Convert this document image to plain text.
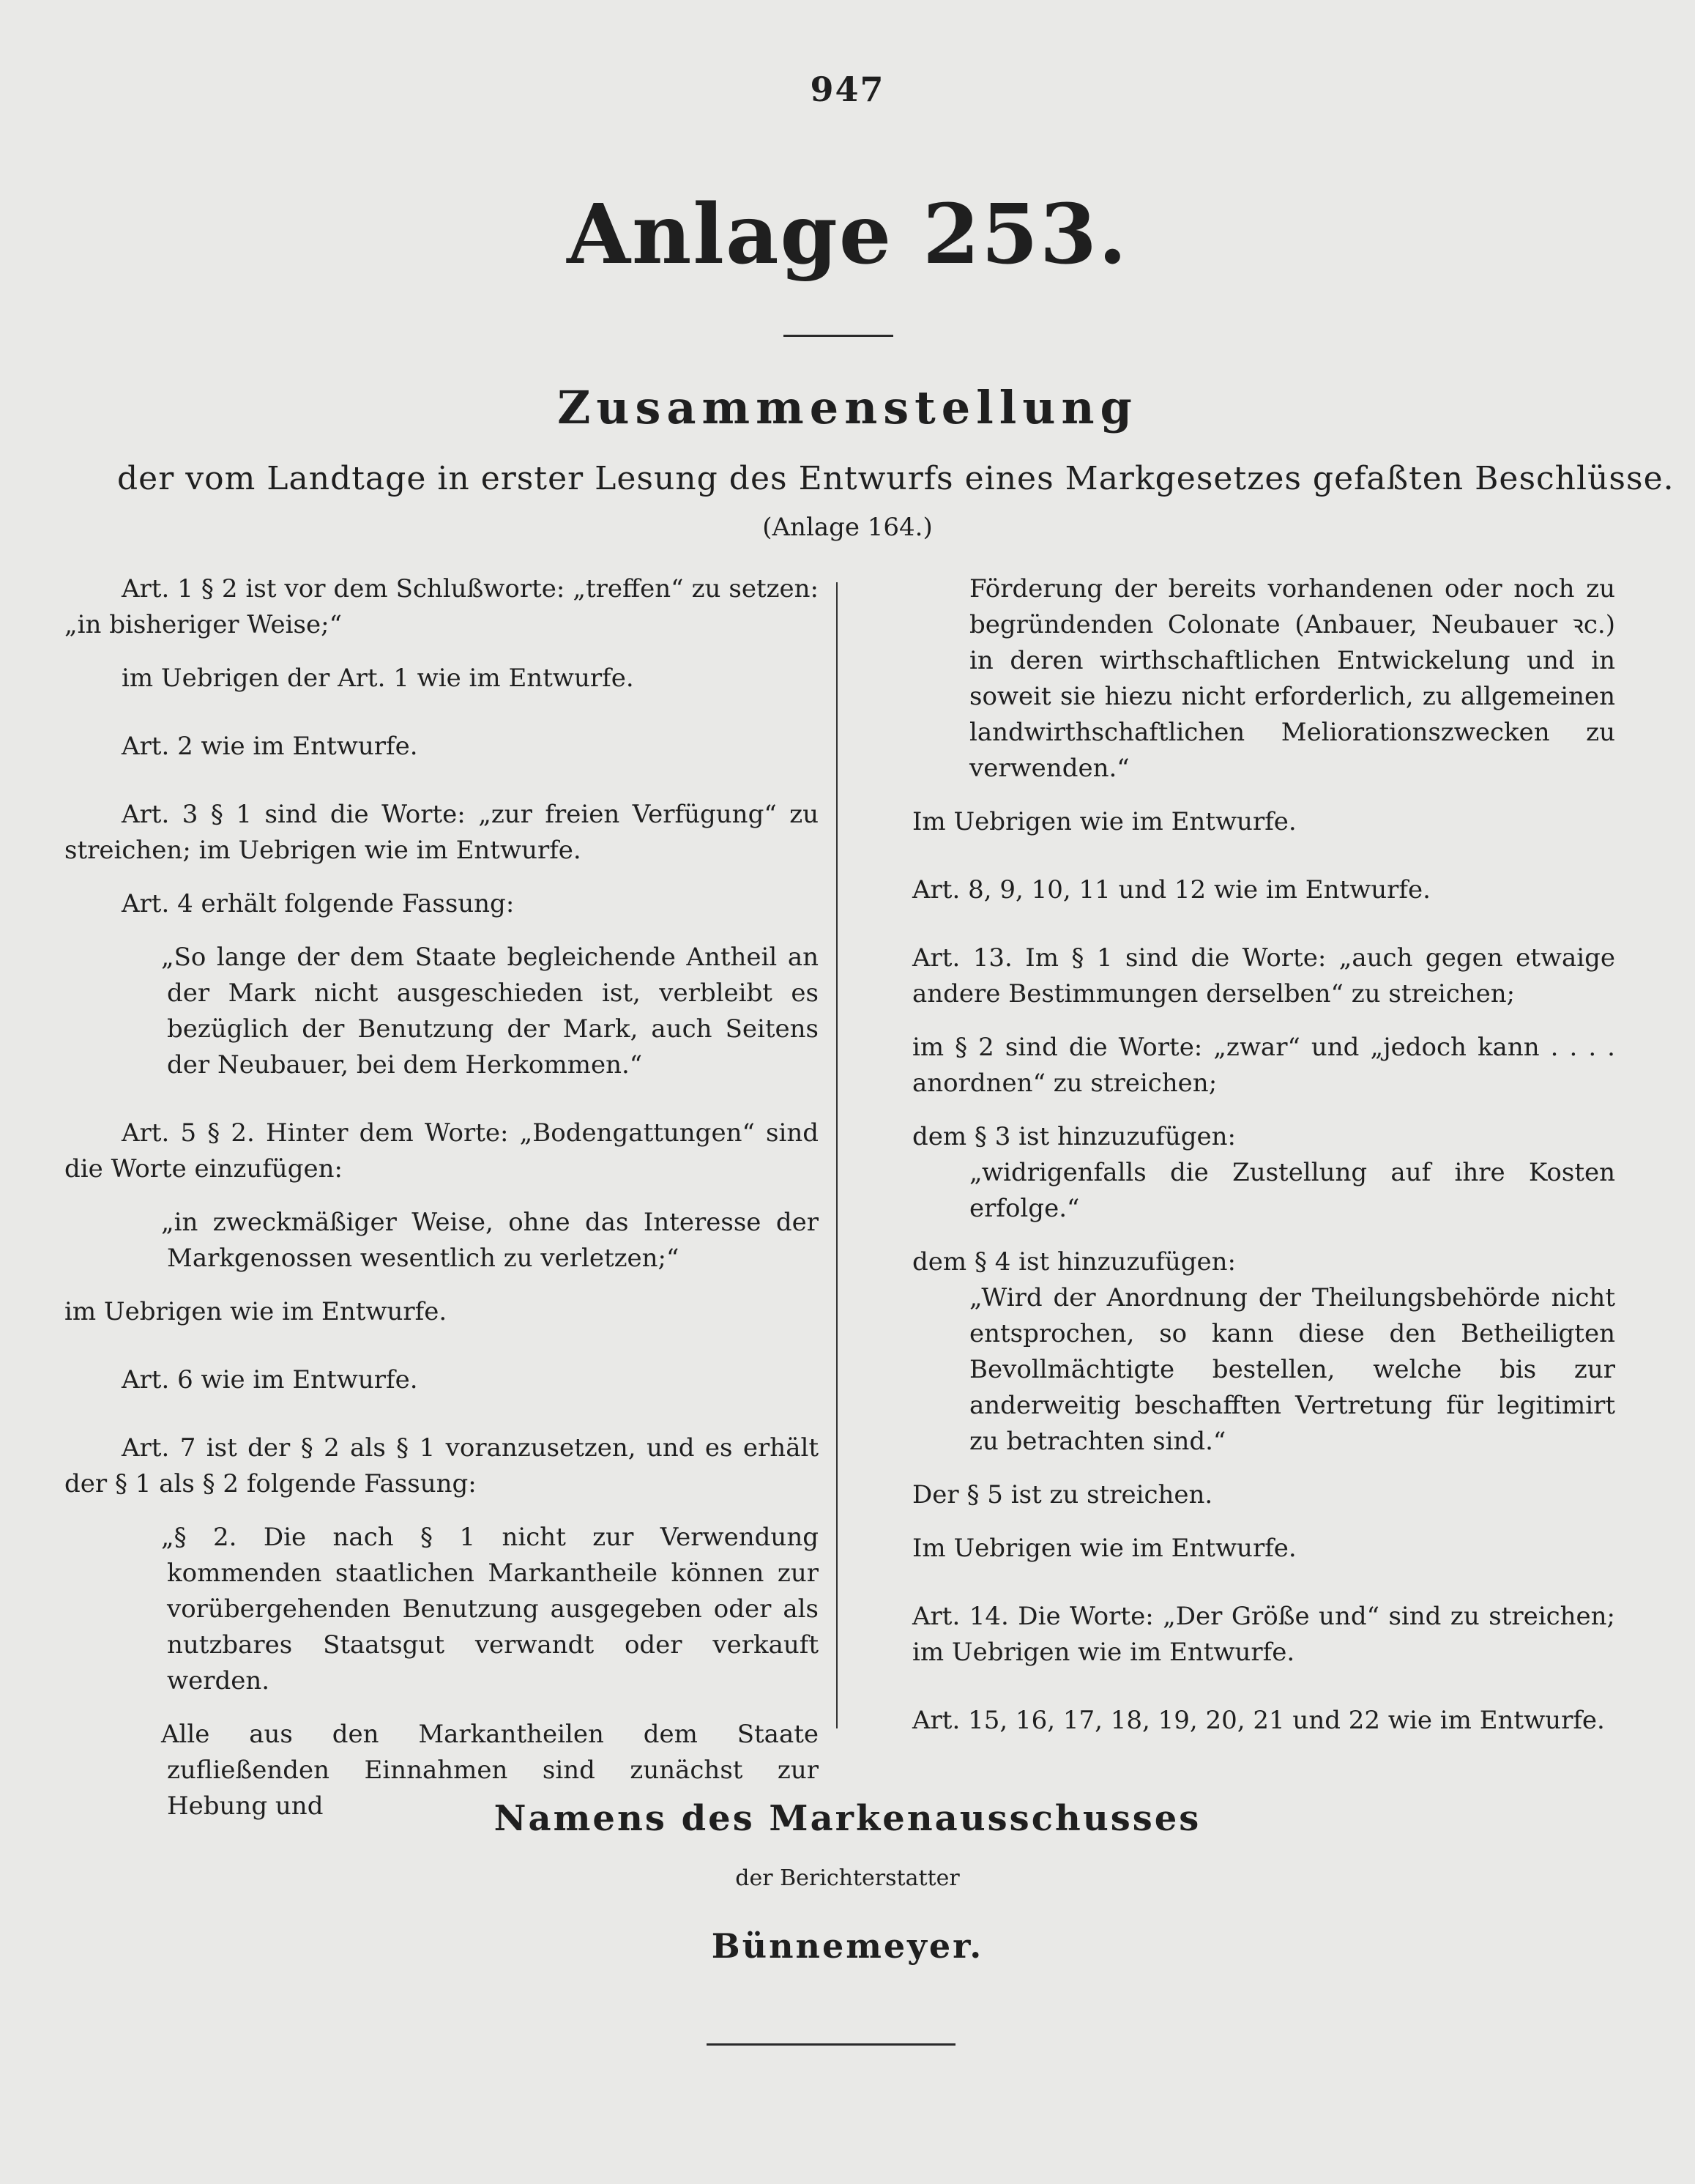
947
Anlage 253.
Zusammenstellung
der vom Landtage in erster Lesung des Entwurfs eines Markgesetzes gefaßten Beschlüsse.
(Anlage 164.)

Art. 1 § 2 ist vor dem Schlußworte: „treffen“ zu setzen: „in bisheriger Weise;“

im Uebrigen der Art. 1 wie im Entwurfe.

Art. 2 wie im Entwurfe.

Art. 3 § 1 sind die Worte: „zur freien Verfügung“ zu streichen; im Uebrigen wie im Entwurfe.

Art. 4 erhält folgende Fassung:

„So lange der dem Staate begleichende Antheil an der Mark nicht ausgeschieden ist, verbleibt es bezüglich der Benutzung der Mark, auch Seitens der Neubauer, bei dem Herkommen.“

Art. 5 § 2. Hinter dem Worte: „Bodengattungen“ sind die Worte einzufügen:

„in zweckmäßiger Weise, ohne das Interesse der Markgenossen wesentlich zu verletzen;“

im Uebrigen wie im Entwurfe.

Art. 6 wie im Entwurfe.

Art. 7 ist der § 2 als § 1 voranzusetzen, und es erhält der § 1 als § 2 folgende Fassung:

„§ 2. Die nach § 1 nicht zur Verwendung kommenden staatlichen Markantheile können zur vorübergehenden Benutzung ausgegeben oder als nutzbares Staatsgut verwandt oder verkauft werden.

Alle aus den Markantheilen dem Staate zufließenden Einnahmen sind zunächst zur Hebung und

Förderung der bereits vorhandenen oder noch zu begründenden Colonate (Anbauer, Neubauer ꝛc.) in deren wirthschaftlichen Entwickelung und in soweit sie hiezu nicht erforderlich, zu allgemeinen landwirthschaftlichen Meliorationszwecken zu verwenden.“

Im Uebrigen wie im Entwurfe.

Art. 8, 9, 10, 11 und 12 wie im Entwurfe.

Art. 13. Im § 1 sind die Worte: „auch gegen etwaige andere Bestimmungen derselben“ zu streichen;

im § 2 sind die Worte: „zwar“ und „jedoch kann . . . . anordnen“ zu streichen;

dem § 3 ist hinzuzufügen:

„widrigenfalls die Zustellung auf ihre Kosten erfolge.“

dem § 4 ist hinzuzufügen:

„Wird der Anordnung der Theilungsbehörde nicht entsprochen, so kann diese den Betheiligten Bevollmächtigte bestellen, welche bis zur anderweitig beschafften Vertretung für legitimirt zu betrachten sind.“

Der § 5 ist zu streichen.

Im Uebrigen wie im Entwurfe.

Art. 14. Die Worte: „Der Größe und“ sind zu streichen; im Uebrigen wie im Entwurfe.

Art. 15, 16, 17, 18, 19, 20, 21 und 22 wie im Entwurfe.

Namens des Markenausschusses
der Berichterstatter
Bünnemeyer.
